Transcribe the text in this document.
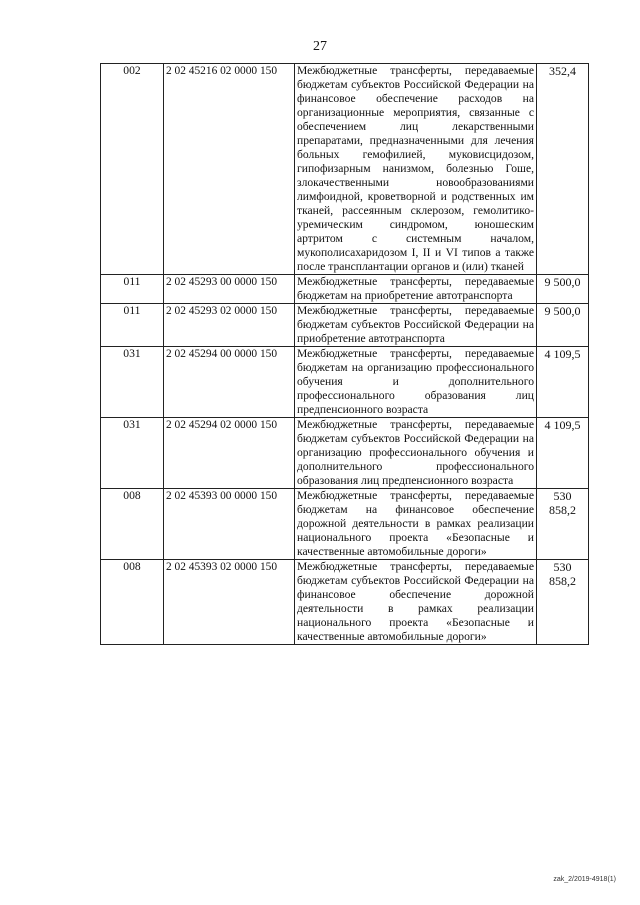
27
002	2 02 45216 02 0000 150	Межбюджетные трансферты, передаваемые бюджетам субъектов Российской Федерации на финансовое обеспечение расходов на организационные мероприятия, связанные с обеспечением лиц лекарственными препаратами, предназначенными для лечения больных гемофилией, муковисцидозом, гипофизарным нанизмом, болезнью Гоше, злокачественными новообразованиями лимфоидной, кроветворной и родственных им тканей, рассеянным склерозом, гемолитико-уремическим синдромом, юношеским артритом с системным началом, мукополисахаридозом I, II и VI типов а также после трансплантации органов и (или) тканей	352,4
011	2 02 45293 00 0000 150	Межбюджетные трансферты, передаваемые бюджетам на приобретение автотранспорта	9 500,0
011	2 02 45293 02 0000 150	Межбюджетные трансферты, передаваемые бюджетам субъектов Российской Федерации на приобретение автотранспорта	9 500,0
031	2 02 45294 00 0000 150	Межбюджетные трансферты, передаваемые бюджетам на организацию профессионального обучения и дополнительного профессионального образования лиц предпенсионного возраста	4 109,5
031	2 02 45294 02 0000 150	Межбюджетные трансферты, передаваемые бюджетам субъектов Российской Федерации на организацию профессионального обучения и дополнительного профессионального образования лиц предпенсионного возраста	4 109,5
008	2 02 45393 00 0000 150	Межбюджетные трансферты, передаваемые бюджетам на финансовое обеспечение дорожной деятельности в рамках реализации национального проекта «Безопасные и качественные автомобильные дороги»	530 858,2
008	2 02 45393 02 0000 150	Межбюджетные трансферты, передаваемые бюджетам субъектов Российской Федерации на финансовое обеспечение дорожной деятельности в рамках реализации национального проекта «Безопасные и качественные автомобильные дороги»	530 858,2
zak_2/2019-4918(1)
